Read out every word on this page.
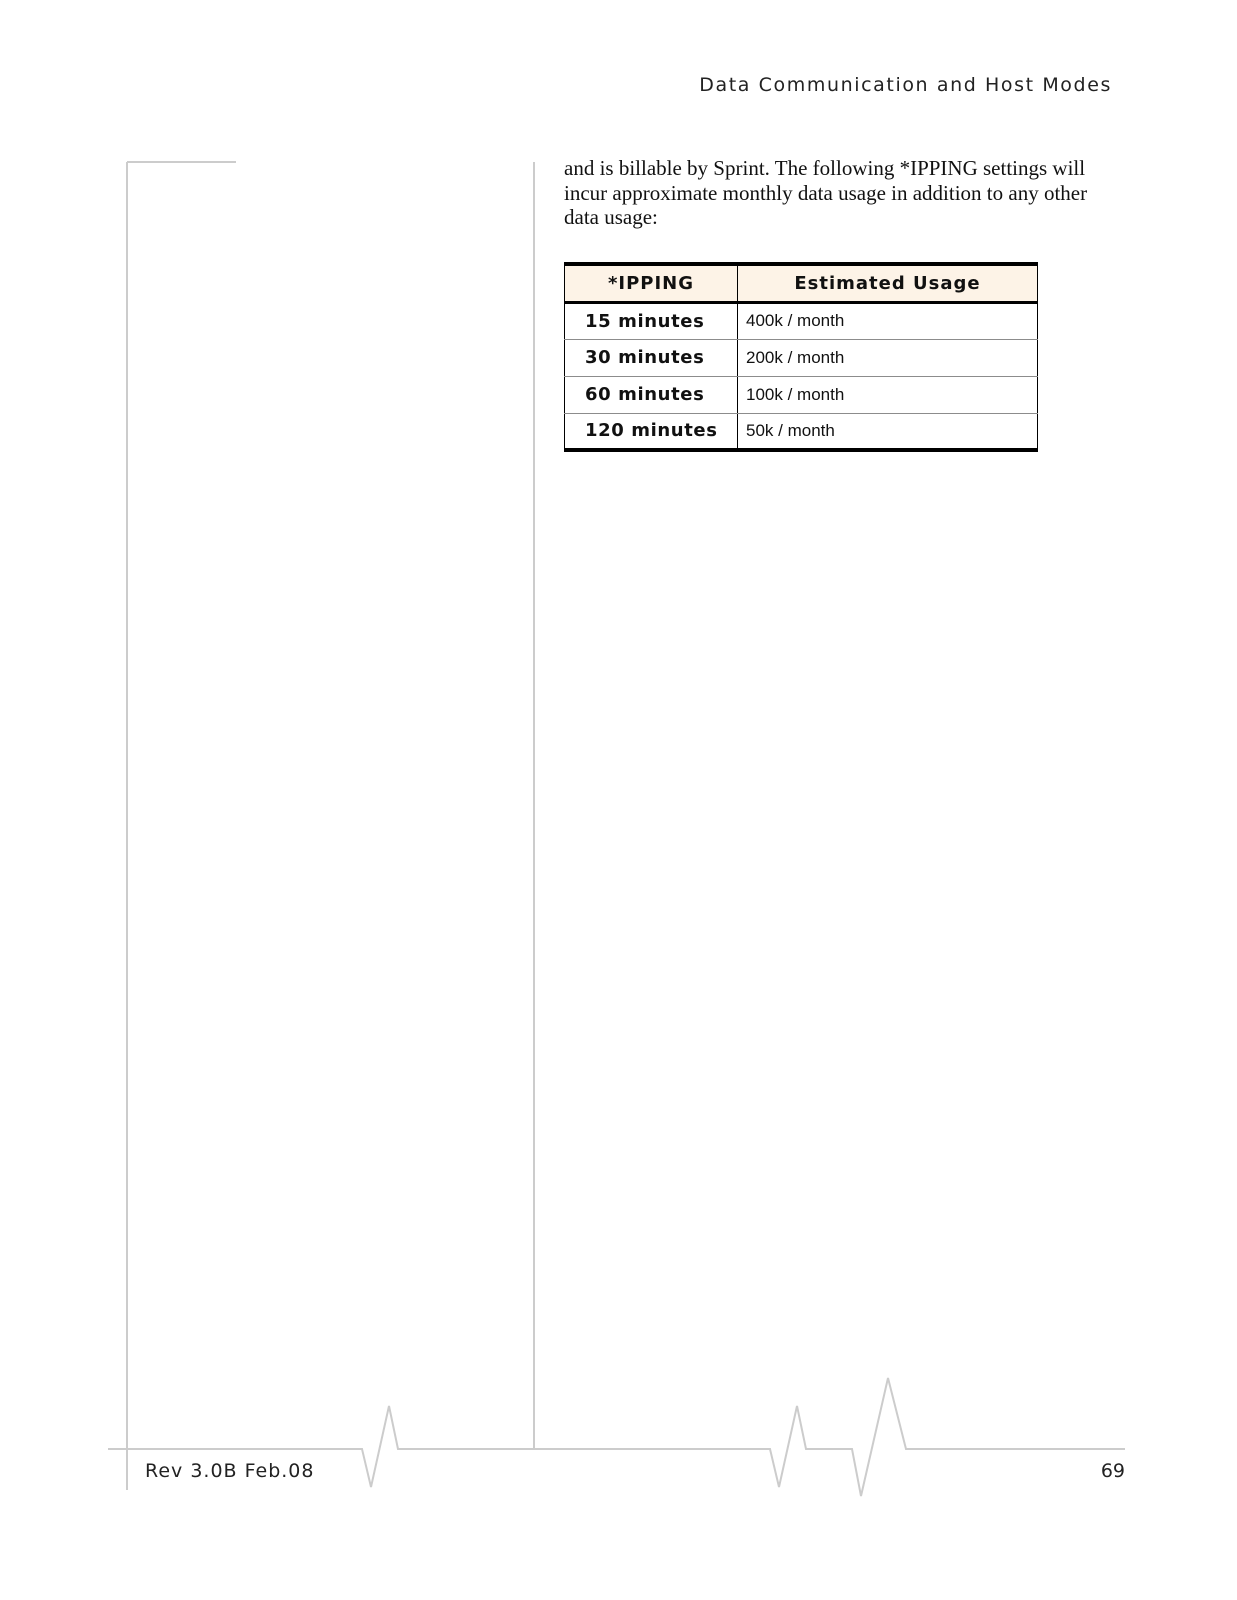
Data Communication and Host Modes

and is billable by Sprint. The following *IPPING settings will incur approximate monthly data usage in addition to any other data usage:

*IPPING	Estimated Usage
15 minutes	400k / month
30 minutes	200k / month
60 minutes	100k / month
120 minutes	50k / month
Rev 3.0B Feb.08	69
